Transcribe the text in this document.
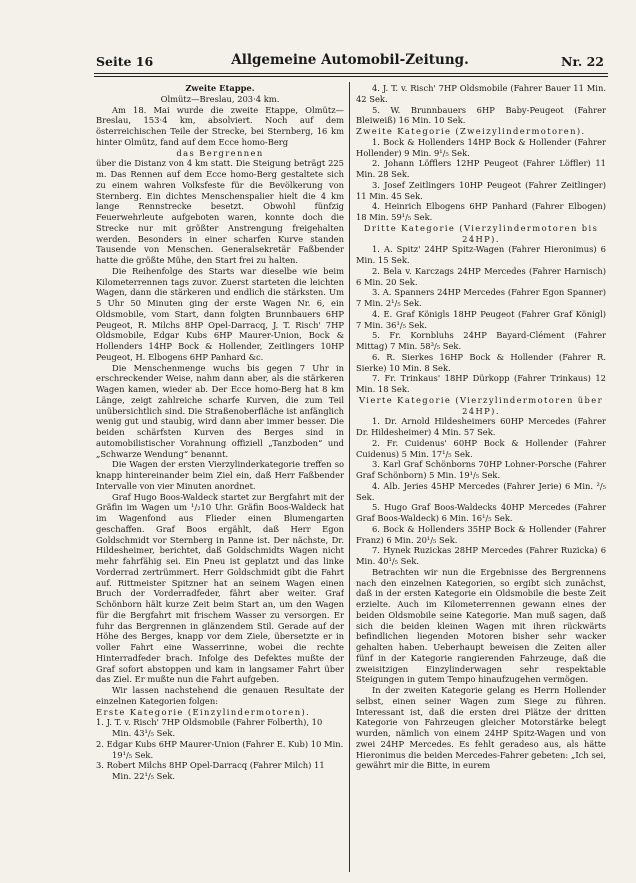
Seite 16	Allgemeine Automobil-Zeitung.	Nr. 22

Zweite Etappe.

Olmütz—Breslau, 203·4 km.

Am 18. Mai wurde die zweite Etappe, Olmütz—Breslau, 153·4 km, absolviert. Noch auf dem österreichischen Teile der Strecke, bei Sternberg, 16 km hinter Olmütz, fand auf dem Ecce homo-Berg

das Bergrennen

über die Distanz von 4 km statt. Die Steigung beträgt 225 m. Das Rennen auf dem Ecce homo-Berg gestaltete sich zu einem wahren Volksfeste für die Bevölkerung von Sternberg. Ein dichtes Menschenspalier hielt die 4 km lange Rennstrecke besetzt. Obwohl fünfzig Feuerwehrleute aufgeboten waren, konnte doch die Strecke nur mit größter Anstrengung freigehalten werden. Besonders in einer scharfen Kurve standen Tausende von Menschen. Generalsekretär Faßbender hatte die größte Mühe, den Start frei zu halten.

Die Reihenfolge des Starts war dieselbe wie beim Kilometerrennen tags zuvor. Zuerst starteten die leichten Wagen, dann die stärkeren und endlich die stärksten. Um 5 Uhr 50 Minuten ging der erste Wagen Nr. 6, ein Oldsmobile, vom Start, dann folgten Brunnbauers 6HP Peugeot, R. Milchs 8HP Opel-Darracq, J. T. Risch' 7HP Oldsmobile, Edgar Kubs 6HP Maurer-Union, Bock & Hollenders 14HP Bock & Hollender, Zeitlingers 10HP Peugeot, H. Elbogens 6HP Panhard &c.

Die Menschenmenge wuchs bis gegen 7 Uhr in erschreckender Weise, nahm dann aber, als die stärkeren Wagen kamen, wieder ab. Der Ecce homo-Berg hat 8 km Länge, zeigt zahlreiche scharfe Kurven, die zum Teil unübersichtlich sind. Die Straßenoberfläche ist anfänglich wenig gut und staubig, wird dann aber immer besser. Die beiden schärfsten Kurven des Berges sind in automobilistischer Vorahnung offiziell „Tanzboden“ und „Schwarze Wendung“ benannt.

Die Wagen der ersten Vierzylinderkategorie treffen so knapp hintereinander beim Ziel ein, daß Herr Faßbender Intervalle von vier Minuten anordnet.

Graf Hugo Boos-Waldeck startet zur Bergfahrt mit der Gräfin im Wagen um ¹/₂10 Uhr. Gräfin Boos-Waldeck hat im Wagenfond aus Flieder einen Blumengarten geschaffen. Graf Boos ergählt, daß Herr Egon Goldschmidt vor Sternberg in Panne ist. Der nächste, Dr. Hildesheimer, berichtet, daß Goldschmidts Wagen nicht mehr fahrfähig sei. Ein Pneu ist geplatzt und das linke Vorderrad zertrümmert. Herr Goldschmidt gibt die Fahrt auf. Rittmeister Spitzner hat an seinem Wagen einen Bruch der Vorderradfeder, fährt aber weiter. Graf Schönborn hält kurze Zeit beim Start an, um den Wagen für die Bergfahrt mit frischem Wasser zu versorgen. Er fuhr das Bergrennen in glänzendem Stil. Gerade auf der Höhe des Berges, knapp vor dem Ziele, übersetzte er in voller Fahrt eine Wasserrinne, wobei die rechte Hinterradfeder brach. Infolge des Defektes mußte der Graf sofort abstoppen und kam in langsamer Fahrt über das Ziel. Er mußte nun die Fahrt aufgeben.

Wir lassen nachstehend die genauen Resultate der einzelnen Kategorien folgen:

Erste Kategorie (Einzylindermotoren).

1. J. T. v. Risch' 7HP Oldsmobile (Fahrer Folberth), 10 Min. 43¹/₅ Sek.

2. Edgar Kubs 6HP Maurer-Union (Fahrer E. Kub) 10 Min. 19¹/₅ Sek.

3. Robert Milchs 8HP Opel-Darracq (Fahrer Milch) 11 Min. 22¹/₅ Sek.

4. J. T. v. Risch' 7HP Oldsmobile (Fahrer Bauer 11 Min. 42 Sek.

5. W. Brunnbauers 6HP Baby-Peugeot (Fahrer Bleiweiß) 16 Min. 10 Sek.

Zweite Kategorie (Zweizylindermotoren).

1. Bock & Hollenders 14HP Bock & Hollender (Fahrer Hollender) 9 Min. 9¹/₅ Sek.

2. Johann Löfflers 12HP Peugeot (Fahrer Löffler) 11 Min. 28 Sek.

3. Josef Zeitlingers 10HP Peugeot (Fahrer Zeitlinger) 11 Min. 45 Sek.

4. Heinrich Elbogens 6HP Panhard (Fahrer Elbogen) 18 Min. 59¹/₅ Sek.

Dritte Kategorie (Vierzylindermotoren bis 24HP).

1. A. Spitz' 24HP Spitz-Wagen (Fahrer Hieronimus) 6 Min. 15 Sek.

2. Bela v. Karczags 24HP Mercedes (Fahrer Harnisch) 6 Min. 20 Sek.

3. A. Spanners 24HP Mercedes (Fahrer Egon Spanner) 7 Min. 2¹/₅ Sek.

4. E. Graf Königls 18HP Peugeot (Fahrer Graf Königl) 7 Min. 36¹/₅ Sek.

5. Fr. Kornbluhs 24HP Bayard-Clément (Fahrer Mittag) 7 Min. 58³/₅ Sek.

6. R. Sierkes 16HP Bock & Hollender (Fahrer R. Sierke) 10 Min. 8 Sek.

7. Fr. Trinkaus' 18HP Dürkopp (Fahrer Trinkaus) 12 Min. 18 Sek.

Vierte Kategorie (Vierzylindermotoren über 24HP).

1. Dr. Arnold Hildesheimers 60HP Mercedes (Fahrer Dr. Hildesheimer) 4 Min. 57 Sek.

2. Fr. Cuidenus' 60HP Bock & Hollender (Fahrer Cuidenus) 5 Min. 17¹/₅ Sek.

3. Karl Graf Schönborns 70HP Lohner-Porsche (Fahrer Graf Schönborn) 5 Min. 19¹/₅ Sek.

4. Alb. Jeries 45HP Mercedes (Fahrer Jerie) 6 Min. ²/₅ Sek.

5. Hugo Graf Boos-Waldecks 40HP Mercedes (Fahrer Graf Boos-Waldeck) 6 Min. 16¹/₅ Sek.

6. Bock & Hollenders 35HP Bock & Hollender (Fahrer Franz) 6 Min. 20¹/₅ Sek.

7. Hynek Ruzickas 28HP Mercedes (Fahrer Ruzicka) 6 Min. 40¹/₅ Sek.

Betrachten wir nun die Ergebnisse des Bergrennens nach den einzelnen Kategorien, so ergibt sich zunächst, daß in der ersten Kategorie ein Oldsmobile die beste Zeit erzielte. Auch im Kilometerrennen gewann eines der beiden Oldsmobile seine Kategorie. Man muß sagen, daß sich die beiden kleinen Wagen mit ihren rückwärts befindlichen liegenden Motoren bisher sehr wacker gehalten haben. Ueberhaupt beweisen die Zeiten aller fünf in der Kategorie rangierenden Fahrzeuge, daß die zweisitzigen Einzylinderwagen sehr respektable Steigungen in gutem Tempo hinaufzugehen vermögen.

In der zweiten Kategorie gelang es Herrn Hollender selbst, einen seiner Wagen zum Siege zu führen. Interessant ist, daß die ersten drei Plätze der dritten Kategorie von Fahrzeugen gleicher Motorstärke belegt wurden, nämlich von einem 24HP Spitz-Wagen und von zwei 24HP Mercedes. Es fehlt geradeso aus, als hätte Hieronimus die beiden Mercedes-Fahrer gebeten: „Ich sei, gewährt mir die Bitte, in eurem
